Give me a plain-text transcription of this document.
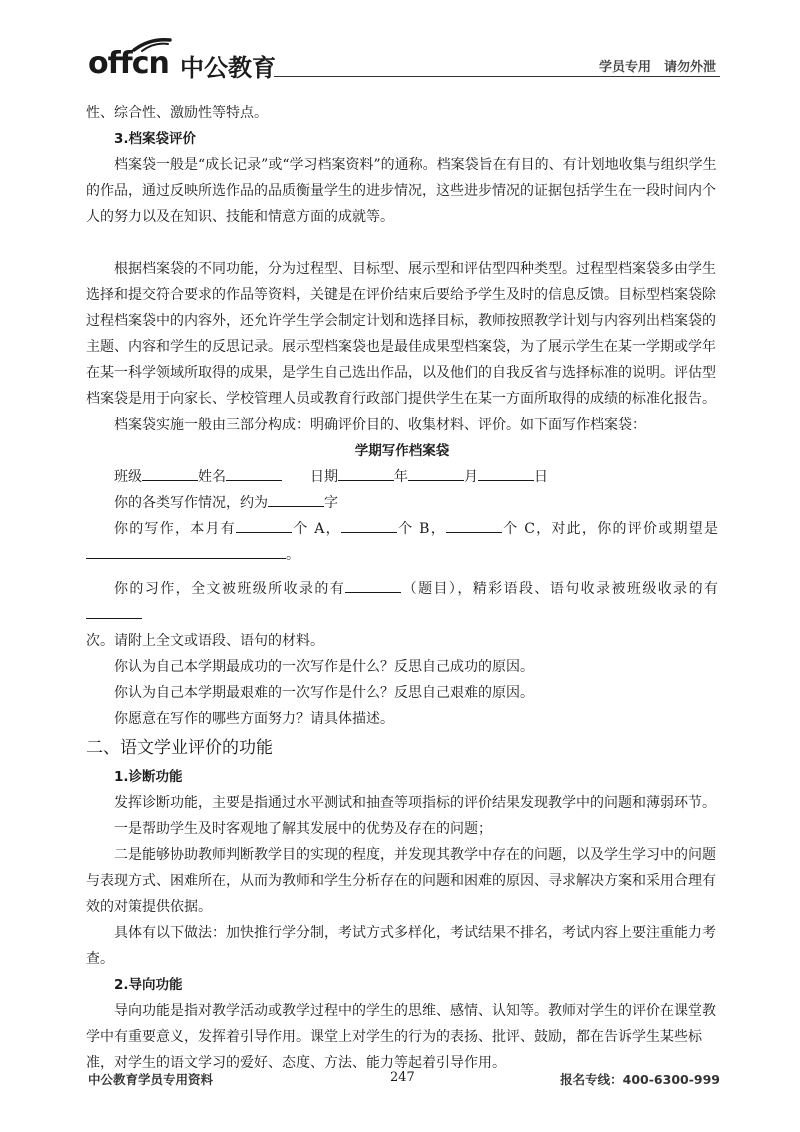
offcn 中公教育	学员专用　请勿外泄

性、综合性、激励性等特点。

3.档案袋评价

档案袋一般是“成长记录”或“学习档案资料”的通称。档案袋旨在有目的、有计划地收集与组织学生的作品，通过反映所选作品的品质衡量学生的进步情况，这些进步情况的证据包括学生在一段时间内个人的努力以及在知识、技能和情意方面的成就等。

根据档案袋的不同功能，分为过程型、目标型、展示型和评估型四种类型。过程型档案袋多由学生选择和提交符合要求的作品等资料，关键是在评价结束后要给予学生及时的信息反馈。目标型档案袋除过程档案袋中的内容外，还允许学生学会制定计划和选择目标，教师按照教学计划与内容列出档案袋的主题、内容和学生的反思记录。展示型档案袋也是最佳成果型档案袋，为了展示学生在某一学期或学年在某一科学领域所取得的成果，是学生自己选出作品，以及他们的自我反省与选择标准的说明。评估型档案袋是用于向家长、学校管理人员或教育行政部门提供学生在某一方面所取得的成绩的标准化报告。

档案袋实施一般由三部分构成：明确评价目的、收集材料、评价。如下面写作档案袋：

学期写作档案袋

班级	姓名　　	日期	年	月	日

你的各类写作情况，约为	字

你的写作，本月有	个 A，	个 B，	个 C，对此，你的评价或期望是

。

你的习作，全文被班级所收录的有	（题目），精彩语段、语句收录被班级收录的有

次。请附上全文或语段、语句的材料。

你认为自己本学期最成功的一次写作是什么？反思自己成功的原因。

你认为自己本学期最艰难的一次写作是什么？反思自己艰难的原因。

你愿意在写作的哪些方面努力？请具体描述。

二、语文学业评价的功能

1.诊断功能

发挥诊断功能，主要是指通过水平测试和抽查等项指标的评价结果发现教学中的问题和薄弱环节。

一是帮助学生及时客观地了解其发展中的优势及存在的问题；

二是能够协助教师判断教学目的实现的程度，并发现其教学中存在的问题，以及学生学习中的问题与表现方式、困难所在，从而为教师和学生分析存在的问题和困难的原因、寻求解决方案和采用合理有效的对策提供依据。

具体有以下做法：加快推行学分制，考试方式多样化，考试结果不排名，考试内容上要注重能力考查。

2.导向功能

导向功能是指对教学活动或教学过程中的学生的思维、感情、认知等。教师对学生的评价在课堂教学中有重要意义，发挥着引导作用。课堂上对学生的行为的表扬、批评、鼓励，都在告诉学生某些标准，对学生的语文学习的爱好、态度、方法、能力等起着引导作用。

中公教育学员专用资料	247	报名专线：400-6300-999
